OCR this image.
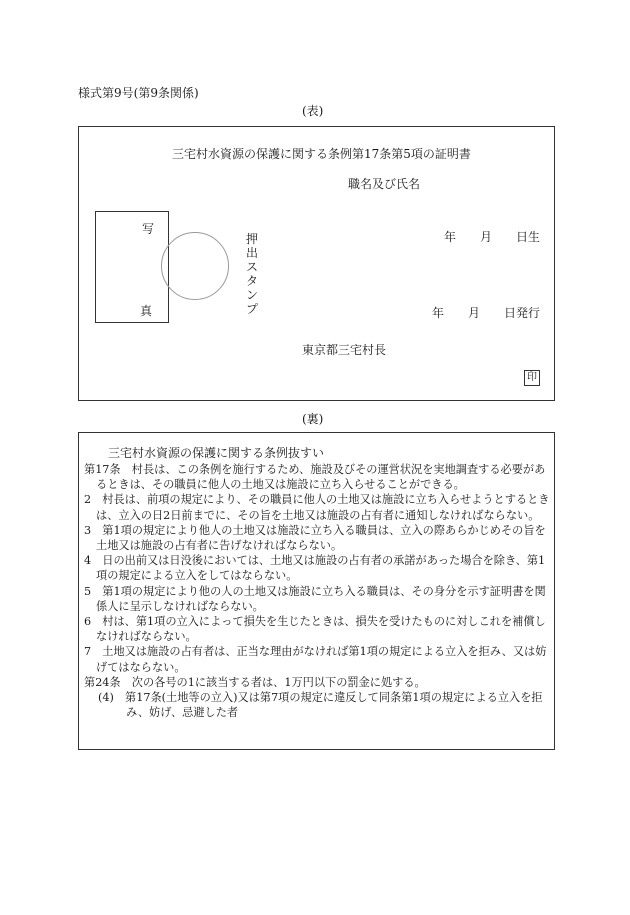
様式第9号(第9条関係)
(表)
三宅村水資源の保護に関する条例第17条第5項の証明書
職名及び氏名
写
真
押
出
ス
タ
ン
プ
年　　月　　日生
年　　月　　日発行
東京都三宅村長
印
(裏)
三宅村水資源の保護に関する条例抜すい

第17条　村長は、この条例を施行するため、施設及びその運営状況を実地調査する必要があるときは、その職員に他人の土地又は施設に立ち入らせることができる。

2　村長は、前項の規定により、その職員に他人の土地又は施設に立ち入らせようとするときは、立入の日2日前までに、その旨を土地又は施設の占有者に通知しなければならない。

3　第1項の規定により他人の土地又は施設に立ち入る職員は、立入の際あらかじめその旨を土地又は施設の占有者に告げなければならない。

4　日の出前又は日没後においては、土地又は施設の占有者の承諾があった場合を除き、第1項の規定による立入をしてはならない。

5　第1項の規定により他の人の土地又は施設に立ち入る職員は、その身分を示す証明書を関係人に呈示しなければならない。

6　村は、第1項の立入によって損失を生じたときは、損失を受けたものに対しこれを補償しなければならない。

7　土地又は施設の占有者は、正当な理由がなければ第1項の規定による立入を拒み、又は妨げてはならない。

第24条　次の各号の1に該当する者は、1万円以下の罰金に処する。

(4)　第17条(土地等の立入)又は第7項の規定に違反して同条第1項の規定による立入を拒み、妨げ、忌避した者
